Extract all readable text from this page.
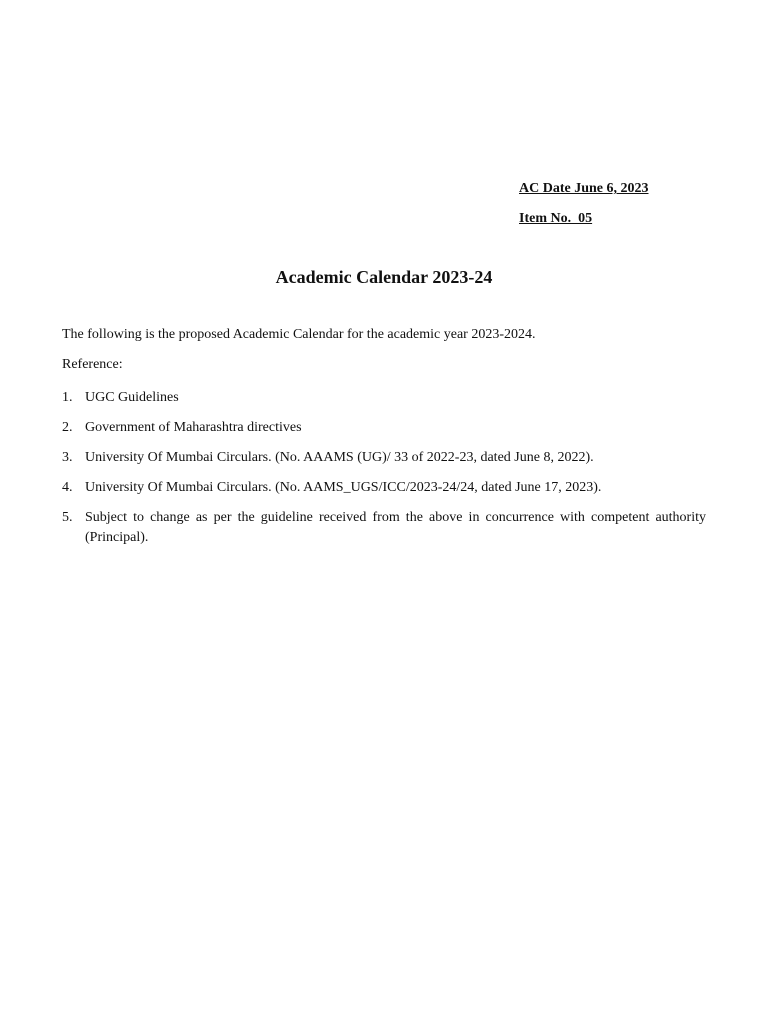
AC Date June 6, 2023
Item No.  05
Academic Calendar 2023-24
The following is the proposed Academic Calendar for the academic year 2023-2024.
Reference:
1. UGC Guidelines
2. Government of Maharashtra directives
3. University Of Mumbai Circulars. (No. AAAMS (UG)/ 33 of 2022-23, dated June 8, 2022).
4. University Of Mumbai Circulars. (No. AAMS_UGS/ICC/2023-24/24, dated June 17, 2023).
5. Subject to change as per the guideline received from the above in concurrence with competent authority (Principal).
